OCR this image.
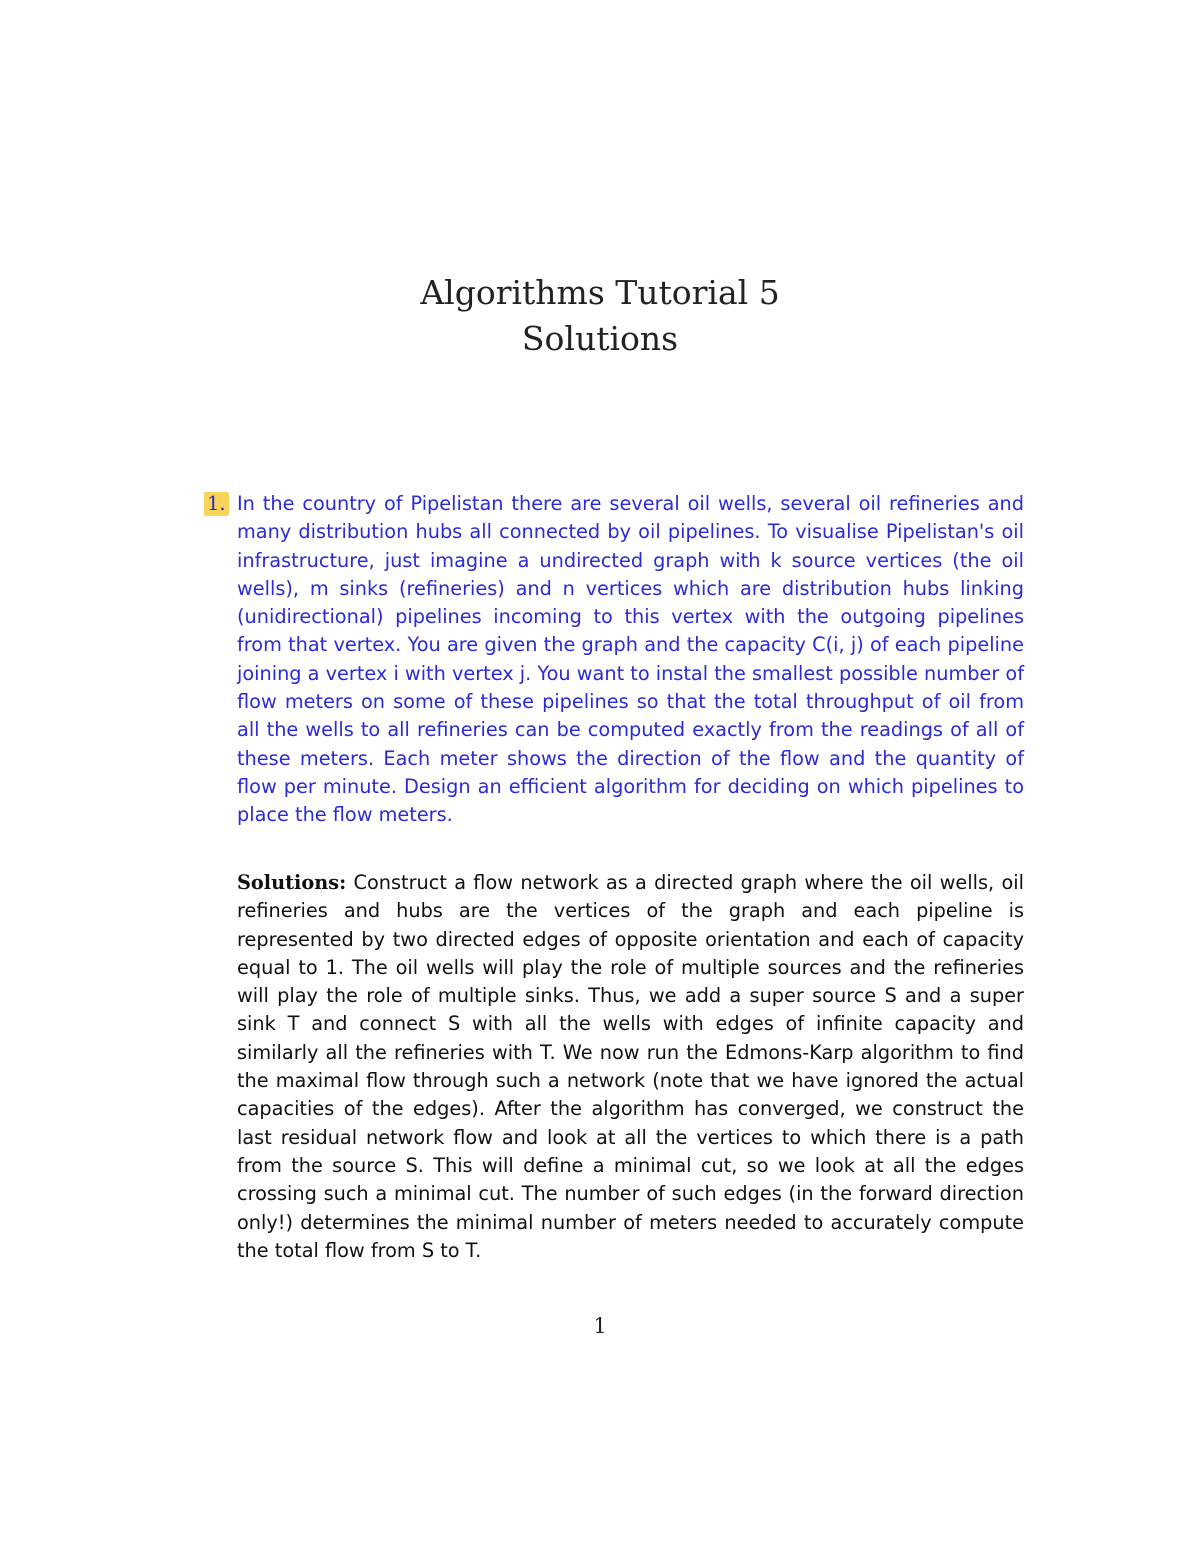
Algorithms Tutorial 5
Solutions
1. In the country of Pipelistan there are several oil wells, several oil refineries and many distribution hubs all connected by oil pipelines. To visualise Pipelistan's oil infrastructure, just imagine a undirected graph with k source vertices (the oil wells), m sinks (refineries) and n vertices which are distribution hubs linking (unidirectional) pipelines incoming to this vertex with the outgoing pipelines from that vertex. You are given the graph and the capacity C(i, j) of each pipeline joining a vertex i with vertex j. You want to instal the smallest possible number of flow meters on some of these pipelines so that the total throughput of oil from all the wells to all refineries can be computed exactly from the readings of all of these meters. Each meter shows the direction of the flow and the quantity of flow per minute. Design an efficient algorithm for deciding on which pipelines to place the flow meters.
Solutions: Construct a flow network as a directed graph where the oil wells, oil refineries and hubs are the vertices of the graph and each pipeline is represented by two directed edges of opposite orientation and each of capacity equal to 1. The oil wells will play the role of multiple sources and the refineries will play the role of multiple sinks. Thus, we add a super source S and a super sink T and connect S with all the wells with edges of infinite capacity and similarly all the refineries with T. We now run the Edmons-Karp algorithm to find the maximal flow through such a network (note that we have ignored the actual capacities of the edges). After the algorithm has converged, we construct the last residual network flow and look at all the vertices to which there is a path from the source S. This will define a minimal cut, so we look at all the edges crossing such a minimal cut. The number of such edges (in the forward direction only!) determines the minimal number of meters needed to accurately compute the total flow from S to T.
1
